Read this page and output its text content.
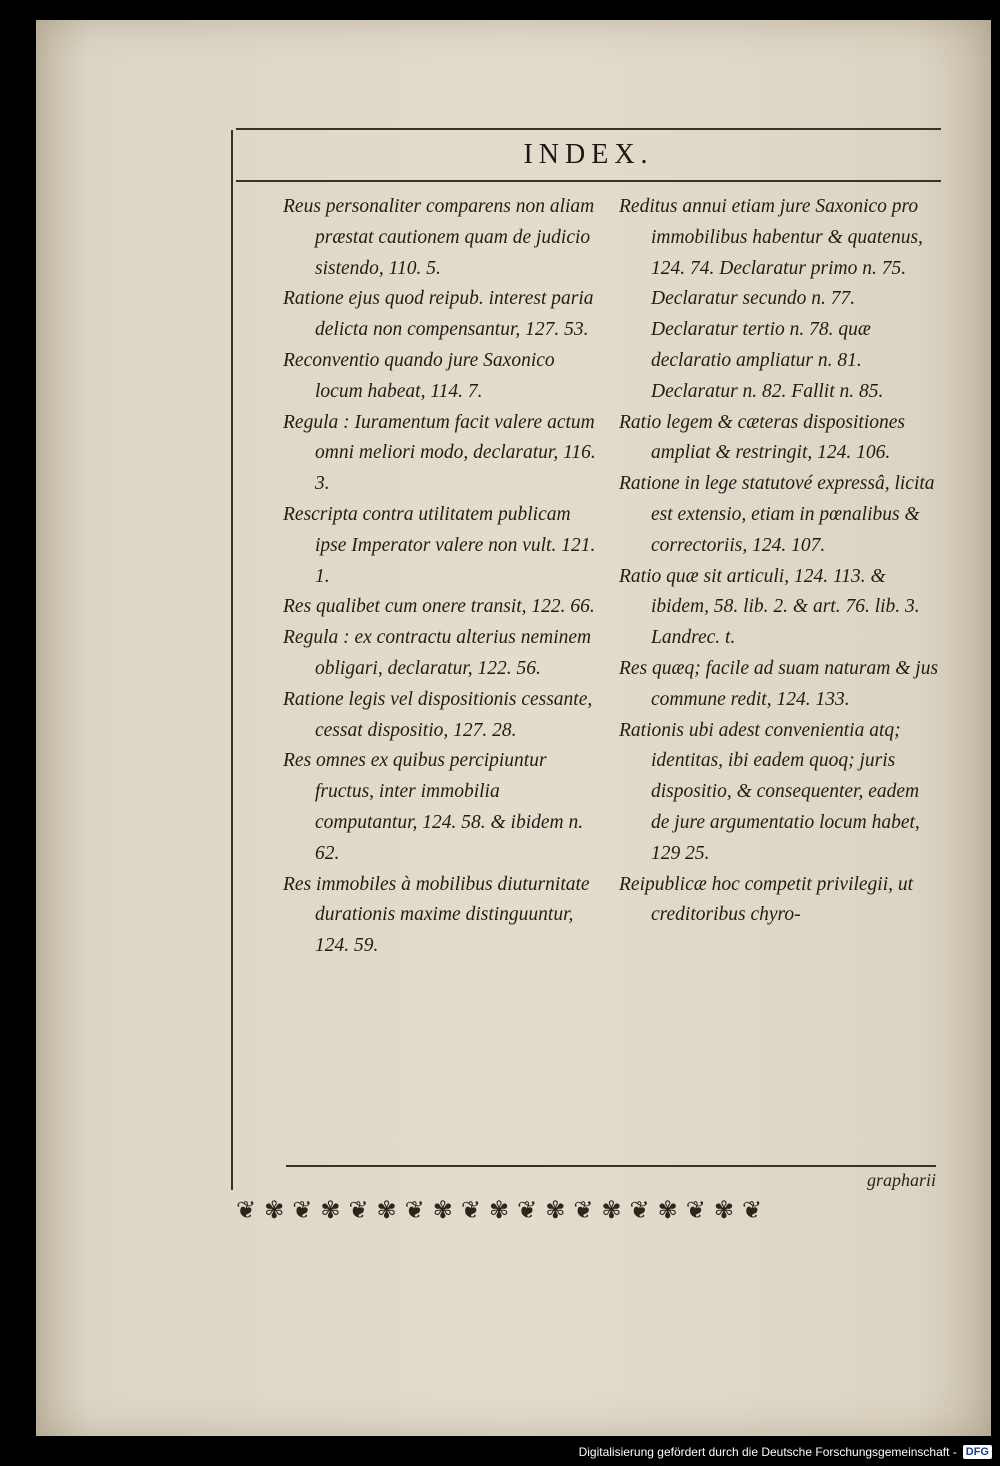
INDEX.

Reus personaliter comparens non aliam præstat cautionem quam de judicio sistendo, 110. 5.

Ratione ejus quod reipub. interest paria delicta non compensantur, 127. 53.

Reconventio quando jure Saxonico locum habeat, 114. 7.

Regula : Iuramentum facit valere actum omni meliori modo, declaratur, 116. 3.

Rescripta contra utilitatem publicam ipse Imperator valere non vult. 121. 1.

Res qualibet cum onere transit, 122. 66.

Regula : ex contractu alterius neminem obligari, declaratur, 122. 56.

Ratione legis vel dispositionis cessante, cessat dispositio, 127. 28.

Res omnes ex quibus percipiuntur fructus, inter immobilia computantur, 124. 58. & ibidem n. 62.

Res immobiles à mobilibus diuturnitate durationis maxime distinguuntur, 124. 59.

Reditus annui etiam jure Saxonico pro immobilibus habentur & quatenus, 124. 74. Declaratur primo n. 75. Declaratur secundo n. 77. Declaratur tertio n. 78. quæ declaratio ampliatur n. 81. Declaratur n. 82. Fallit n. 85.

Ratio legem & cæteras dispositiones ampliat & restringit, 124. 106.

Ratione in lege statutové expressâ, licita est extensio, etiam in pœnalibus & correctoriis, 124. 107.

Ratio quæ sit articuli, 124. 113. & ibidem, 58. lib. 2. & art. 76. lib. 3. Landrec. t.

Res quæq; facile ad suam naturam & jus commune redit, 124. 133.

Rationis ubi adest convenientia atq; identitas, ibi eadem quoq; juris dispositio, & consequenter, eadem de jure argumentatio locum habet, 129 25.

Reipublicæ hoc competit privilegii, ut creditoribus chyro-

grapharii
❦ ✾ ❦ ✾ ❦ ✾ ❦ ✾ ❦ ✾ ❦ ✾ ❦ ✾ ❦ ✾ ❦ ✾ ❦
Digitalisierung gefördert durch die Deutsche Forschungsgemeinschaft - DFG
